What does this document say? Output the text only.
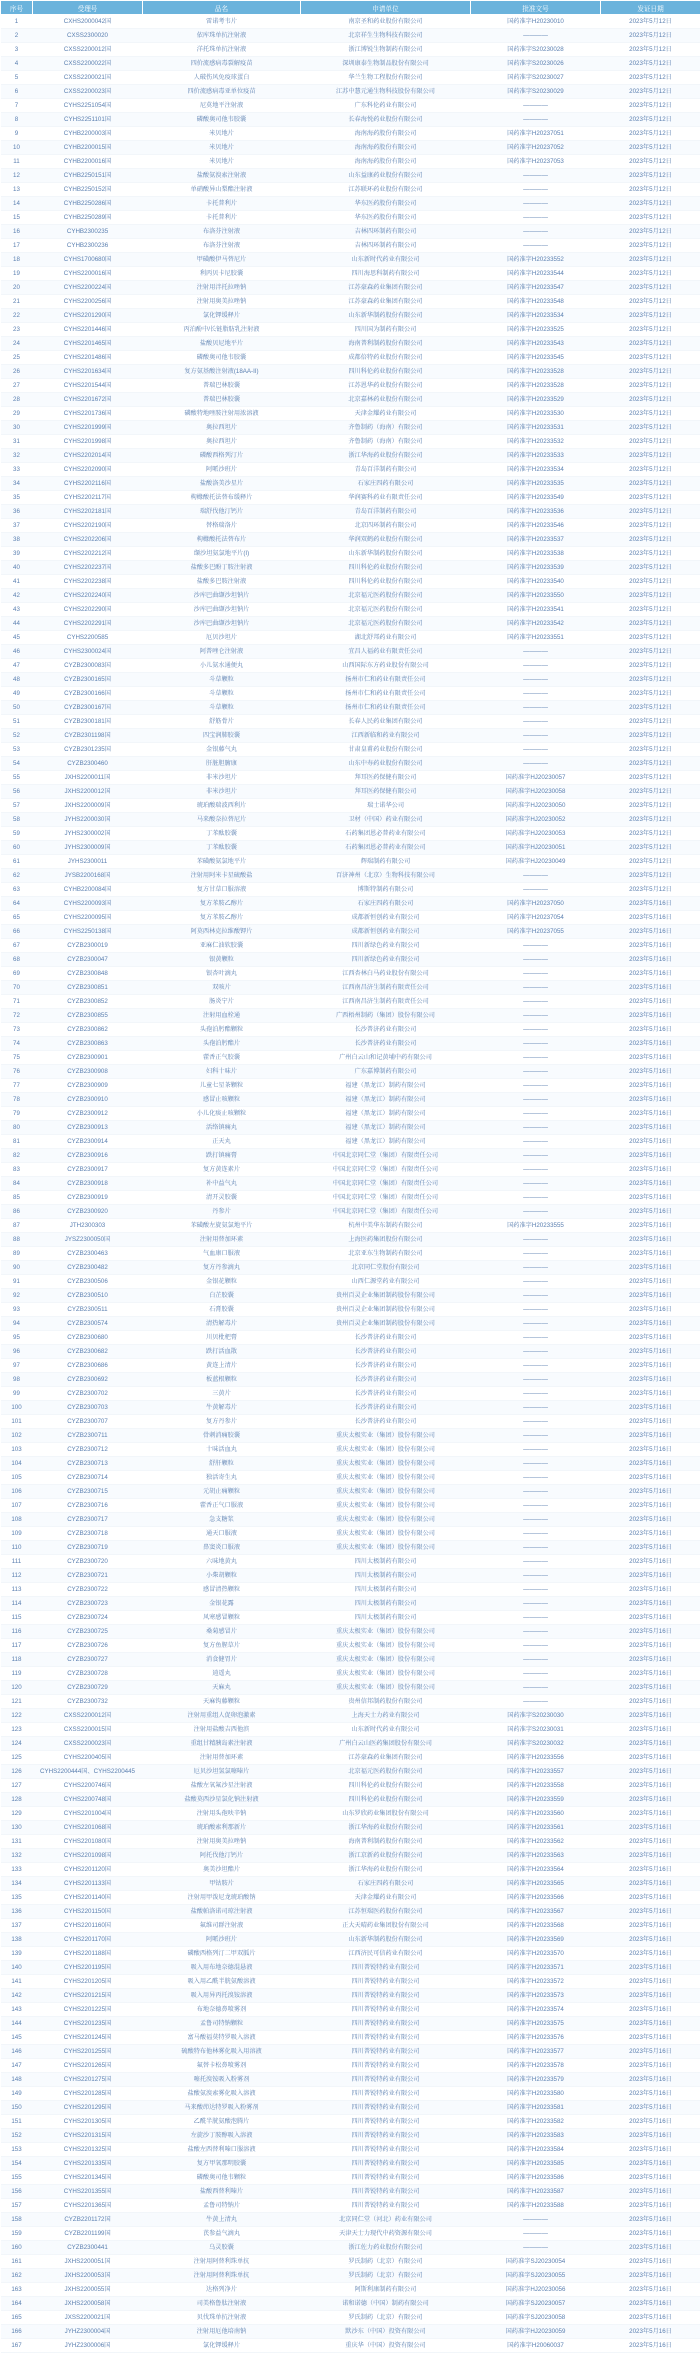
序号	受理号	品名	申请单位	批准文号	发证日期
1	CXHS2000042国	雷诺考韦片	南京圣和药业股份有限公司	国药准字H20230010	2023年5月12日
2	CXSS2300020	依库珠单抗注射液	北京祥生生物科技有限公司	————	2023年5月12日
3	CXSS2200012国	洋托珠单抗注射液	浙江博锐生物制药有限公司	国药准字S20230028	2023年5月12日
4	CXSS2200022国	四价流感病毒裂解疫苗	深圳康泰生物制品股份有限公司	国药准字S20230026	2023年5月12日
5	CXSS2200021国	人破伤风免疫球蛋白	华兰生物工程股份有限公司	国药准字S20230027	2023年5月12日
6	CXSS2200023国	四价流感病毒亚单位疫苗	江苏中慧元通生物科技股份有限公司	国药准字S20230029	2023年5月12日
7	CYHS2251054国	尼莫地平注射液	广东科伦药业有限公司	————	2023年5月12日
8	CYHS2251101国	磷酸奥司他韦胶囊	长春海悦药业股份有限公司	————	2023年5月12日
9	CYHB2200003国	米贝地片	海南海药股份有限公司	国药准字H20237051	2023年5月12日
10	CYHB2200015国	米贝地片	海南海药股份有限公司	国药准字H20237052	2023年5月12日
11	CYHB2200016国	米贝地片	海南海药股份有限公司	国药准字H20237053	2023年5月12日
12	CYHB2250151国	盐酸氨溴索注射液	山东益康药业股份有限公司	————	2023年5月12日
13	CYHB2250152国	单硝酸异山梨酯注射液	江苏联环药业股份有限公司	————	2023年5月12日
14	CYHB2250286国	卡托普利片	华东医药股份有限公司	————	2023年5月12日
15	CYHB2250289国	卡托普利片	华东医药股份有限公司	————	2023年5月12日
16	CYHB2300235	布洛芬注射液	吉林四环制药有限公司	————	2023年5月12日
17	CYHB2300236	布洛芬注射液	吉林四环制药有限公司	————	2023年5月12日
18	CYHS1700680国	甲磺酸伊马替尼片	山东新时代药业有限公司	国药准字H20233552	2023年5月12日
19	CYHS2200016国	利丙贝卡尼胶囊	四川海思科制药有限公司	国药准字H20233544	2023年5月12日
20	CYHS2200224国	注射用泮托拉唑钠	江苏豪森药业集团有限公司	国药准字H20233547	2023年5月12日
21	CYHS2200256国	注射用奥美拉唑钠	江苏豪森药业集团有限公司	国药准字H20233548	2023年5月12日
22	CYHS2201290国	氯化钾缓释片	山东新华制药股份有限公司	国药准字H20233534	2023年5月12日
23	CYHS2201446国	丙泊酚中/长链脂肪乳注射液	四川国为制药有限公司	国药准字H20233525	2023年5月12日
24	CYHS2201465国	盐酸贝尼地平片	海南普利制药股份有限公司	国药准字H20233543	2023年5月12日
25	CYHS2201486国	磷酸奥司他韦胶囊	成都倍特药业股份有限公司	国药准字H20233545	2023年5月12日
26	CYHS2201634国	复方氨基酸注射液(18AA-II)	四川科伦药业股份有限公司	国药准字H20233528	2023年5月12日
27	CYHS2201544国	普瑞巴林胶囊	江苏恩华药业股份有限公司	国药准字H20233528	2023年5月12日
28	CYHS2201672国	普瑞巴林胶囊	北京嘉林药业股份有限公司	国药准字H20233529	2023年5月12日
29	CYHS2201736国	磷酸特地唑胺注射用浓溶液	天津金耀药业有限公司	国药准字H20233530	2023年5月12日
30	CYHS2201999国	奥拉西坦片	齐鲁制药（海南）有限公司	国药准字H20233531	2023年5月12日
31	CYHS2201998国	奥拉西坦片	齐鲁制药（海南）有限公司	国药准字H20233532	2023年5月12日
32	CYHS2202014国	磷酸西格列汀片	浙江华海药业股份有限公司	国药准字H20233533	2023年5月12日
33	CYHS2202090国	阿哌沙班片	青岛百洋制药有限公司	国药准字H20233534	2023年5月12日
34	CYHS2202116国	盐酸洛美沙星片	石家庄四药有限公司	国药准字H20233535	2023年5月12日
35	CYHS2202117国	枸橼酸托法替布缓释片	华润赛科药业有限责任公司	国药准字H20233549	2023年5月12日
36	CYHS2202181国	瑞舒伐他汀钙片	青岛百洋制药有限公司	国药准字H20233536	2023年5月12日
37	CYHS2202190国	替格瑞洛片	北京四环制药有限公司	国药准字H20233546	2023年5月12日
38	CYHS2202206国	枸橼酸托法替布片	华润双鹤药业股份有限公司	国药准字H20233537	2023年5月12日
39	CYHS2202212国	缬沙坦氨氯地平片(I)	山东新华制药股份有限公司	国药准字H20233538	2023年5月12日
40	CYHS2202237国	盐酸多巴酚丁胺注射液	四川科伦药业股份有限公司	国药准字H20233539	2023年5月12日
41	CYHS2202238国	盐酸多巴胺注射液	四川科伦药业股份有限公司	国药准字H20233540	2023年5月12日
42	CYHS2202240国	沙库巴曲缬沙坦钠片	北京福元医药股份有限公司	国药准字H20233550	2023年5月12日
43	CYHS2202290国	沙库巴曲缬沙坦钠片	北京福元医药股份有限公司	国药准字H20233541	2023年5月12日
44	CYHS2202291国	沙库巴曲缬沙坦钠片	北京福元医药股份有限公司	国药准字H20233542	2023年5月12日
45	CYHS2200585	厄贝沙坦片	湖北舒邦药业有限公司	国药准字H20233551	2023年5月12日
46	CYHS2300024国	阿普唑仑注射液	宜昌人福药业有限责任公司	————	2023年5月12日
47	CYZB2300083国	小儿氨水通便丸	山西国际东方药业股份有限公司	————	2023年5月12日
48	CYZB2300165国	斗草颗粒	扬州市仁和药业有限责任公司	————	2023年5月12日
49	CYZB2300166国	斗草颗粒	扬州市仁和药业有限责任公司	————	2023年5月12日
50	CYZB2300167国	斗草颗粒	扬州市仁和药业有限责任公司	————	2023年5月12日
51	CYZB2300181国	舒筋骨片	长春人民药业集团有限公司	————	2023年5月12日
52	CYZB2301198国	四宝润肺胶囊	江西新临和药业有限公司	————	2023年5月12日
53	CYZB2301235国	金银藤气丸	甘肃皇甫药业股份有限公司	————	2023年5月12日
54	CYZB2300460	肝脏胆腑康	山东中寿药业股份有限公司	————	2023年5月12日
55	JXHS2200011国	非米沙坦片	拜耳医药保健有限公司	国药准字HJ20230057	2023年5月12日
56	JXHS2200012国	非米沙坦片	拜耳医药保健有限公司	国药准字HJ20230058	2023年5月12日
57	JXHS2200009国	琥珀酸瑞波西利片	瑞士诺华公司	国药准字HJ20230050	2023年5月12日
58	JYHS2200030国	马来酸奈拉替尼片	卫材（中国）药业有限公司	国药准字HJ20230052	2023年5月12日
59	JYHS2300002国	丁苯酞胶囊	石药集团恩必普药业有限公司	国药准字HJ20230053	2023年5月12日
60	JYHS2300009国	丁苯酞胶囊	石药集团恩必普药业有限公司	国药准字HJ20230051	2023年5月12日
61	JYHS2300011	苯磺酸氨氯地平片	辉瑞制药有限公司	国药准字HJ20230049	2023年5月12日
62	JYSB2200168国	注射用阿米卡星硫酸盐	百济神州（北京）生物科技有限公司	————	2023年5月12日
63	CYHB2200084国	复方甘草口服溶液	博斯特制药有限公司	————	2023年5月12日
64	CYHS2200093国	复方苯胺乙醇片	石家庄四药有限公司	国药准字H20237050	2023年5月16日
65	CYHS2200095国	复方苯胺乙醇片	成都新恒创药业有限公司	国药准字H20237054	2023年5月16日
66	CYHS2250138国	阿莫西林克拉维酸钾片	成都新恒创药业有限公司	国药准字H20237055	2023年5月16日
67	CYZB2300019	亚麻仁油软胶囊	四川新绿色药业有限公司	————	2023年5月16日
68	CYZB2300047	银黄颗粒	四川新绿色药业有限公司	————	2023年5月16日
69	CYZB2300848	银杏叶滴丸	江西杏林白马药业股份有限公司	————	2023年5月16日
70	CYZB2300851	双咳片	江西南昌济生制药有限责任公司	————	2023年5月16日
71	CYZB2300852	肠炎宁片	江西南昌济生制药有限责任公司	————	2023年5月16日
72	CYZB2300855	注射用血栓通	广西梧州制药（集团）股份有限公司	————	2023年5月16日
73	CYZB2300862	头孢泊肟酯颗粒	长沙普济药业有限公司	————	2023年5月16日
74	CYZB2300863	头孢泊肟酯片	长沙普济药业有限公司	————	2023年5月16日
75	CYZB2300901	藿香正气胶囊	广州白云山和记黄埔中药有限公司	————	2023年5月16日
76	CYZB2300908	妇科十味片	广东嘉博制药有限公司	————	2023年5月16日
77	CYZB2300909	儿童七星茶颗粒	福建（黑龙江）制药有限公司	————	2023年5月16日
78	CYZB2300910	感冒止咳颗粒	福建（黑龙江）制药有限公司	————	2023年5月16日
79	CYZB2300912	小儿化痰止咳颗粒	福建（黑龙江）制药有限公司	————	2023年5月16日
80	CYZB2300913	活络镇痛丸	福建（黑龙江）制药有限公司	————	2023年5月16日
81	CYZB2300914	正天丸	福建（黑龙江）制药有限公司	————	2023年5月16日
82	CYZB2300916	跌打镇痛膏	中国北京同仁堂（集团）有限责任公司	————	2023年5月16日
83	CYZB2300917	复方黄连素片	中国北京同仁堂（集团）有限责任公司	————	2023年5月16日
84	CYZB2300918	补中益气丸	中国北京同仁堂（集团）有限责任公司	————	2023年5月16日
85	CYZB2300919	清开灵胶囊	中国北京同仁堂（集团）有限责任公司	————	2023年5月16日
86	CYZB2300920	丹参片	中国北京同仁堂（集团）有限责任公司	————	2023年5月16日
87	JTH2300303	苯磺酸左旋氨氯地平片	杭州中美华东制药有限公司	国药准字H20233555	2023年5月16日
88	JYSZ2300050国	注射用替加环素	上海医药集团股份有限公司	————	2023年5月16日
89	CYZB2300463	气血康口服液	北京亚东生物制药有限公司	————	2023年5月16日
90	CYZB2300482	复方丹参滴丸	北京同仁堂股份有限公司	————	2023年5月16日
91	CYZB2300506	金银花颗粒	山西仁源堂药业有限公司	————	2023年5月16日
92	CYZB2300510	白芷胶囊	贵州百灵企业集团制药股份有限公司	————	2023年5月16日
93	CYZB2300511	石膏胶囊	贵州百灵企业集团制药股份有限公司	————	2023年5月16日
94	CYZB2300574	清热解毒片	贵州百灵企业集团制药股份有限公司	————	2023年5月16日
95	CYZB2300680	川贝枇杷膏	长沙普济药业有限公司	————	2023年5月16日
96	CYZB2300682	跌打活血散	长沙普济药业有限公司	————	2023年5月16日
97	CYZB2300686	黄连上清片	长沙普济药业有限公司	————	2023年5月16日
98	CYZB2300692	板蓝根颗粒	长沙普济药业有限公司	————	2023年5月16日
99	CYZB2300702	三黄片	长沙普济药业有限公司	————	2023年5月16日
100	CYZB2300703	牛黄解毒片	长沙普济药业有限公司	————	2023年5月16日
101	CYZB2300707	复方丹参片	长沙普济药业有限公司	————	2023年5月16日
102	CYZB2300711	骨刺消痛胶囊	重庆太极实业（集团）股份有限公司	————	2023年5月16日
103	CYZB2300712	十味活血丸	重庆太极实业（集团）股份有限公司	————	2023年5月16日
104	CYZB2300713	舒肝颗粒	重庆太极实业（集团）股份有限公司	————	2023年5月16日
105	CYZB2300714	独活寄生丸	重庆太极实业（集团）股份有限公司	————	2023年5月16日
106	CYZB2300715	元胡止痛颗粒	重庆太极实业（集团）股份有限公司	————	2023年5月16日
107	CYZB2300716	藿香正气口服液	重庆太极实业（集团）股份有限公司	————	2023年5月16日
108	CYZB2300717	急支糖浆	重庆太极实业（集团）股份有限公司	————	2023年5月16日
109	CYZB2300718	通天口服液	重庆太极实业（集团）股份有限公司	————	2023年5月16日
110	CYZB2300719	鼻窦炎口服液	重庆太极实业（集团）股份有限公司	————	2023年5月16日
111	CYZB2300720	六味地黄丸	四川太极制药有限公司	————	2023年5月16日
112	CYZB2300721	小柴胡颗粒	四川太极制药有限公司	————	2023年5月16日
113	CYZB2300722	感冒清热颗粒	四川太极制药有限公司	————	2023年5月16日
114	CYZB2300723	金银花露	四川太极制药有限公司	————	2023年5月16日
115	CYZB2300724	风寒感冒颗粒	四川太极制药有限公司	————	2023年5月16日
116	CYZB2300725	桑菊感冒片	重庆太极实业（集团）股份有限公司	————	2023年5月16日
117	CYZB2300726	复方鱼腥草片	重庆太极实业（集团）股份有限公司	————	2023年5月16日
118	CYZB2300727	消食健胃片	重庆太极实业（集团）股份有限公司	————	2023年5月16日
119	CYZB2300728	逍遥丸	重庆太极实业（集团）股份有限公司	————	2023年5月16日
120	CYZB2300729	天麻丸	重庆太极实业（集团）股份有限公司	————	2023年5月16日
121	CYZB2300732	天麻钩藤颗粒	贵州信邦制药股份有限公司	————	2023年5月16日
122	CXSS2200012国	注射用重组人促卵泡激素	上海天士力药业有限公司	国药准字S20230030	2023年5月16日
123	CXSS2200015国	注射用盐酸吉西他滨	山东新时代药业有限公司	国药准字S20230031	2023年5月16日
124	CXSS2200023国	重组甘精胰岛素注射液	广州白云山医药集团股份有限公司	国药准字S20230032	2023年5月16日
125	CYHS2200405国	注射用替加环素	江苏豪森药业集团有限公司	国药准字H20233556	2023年5月16日
126	CYHS2200444国、CYHS2200445	厄贝沙坦氢氯噻嗪片	北京福元医药股份有限公司	国药准字H20233557	2023年5月16日
127	CYHS2200746国	盐酸左氧氟沙星注射液	四川科伦药业股份有限公司	国药准字H20233558	2023年5月16日
128	CYHS2200748国	盐酸莫西沙星氯化钠注射液	四川科伦药业股份有限公司	国药准字H20233559	2023年5月16日
129	CYHS2201004国	注射用头孢呋辛钠	山东罗欣药业集团股份有限公司	国药准字H20233560	2023年5月16日
130	CYHS2201068国	琥珀酸索利那新片	浙江华海药业股份有限公司	国药准字H20233561	2023年5月16日
131	CYHS2201080国	注射用奥美拉唑钠	海南普利制药股份有限公司	国药准字H20233562	2023年5月16日
132	CYHS2201098国	阿托伐他汀钙片	浙江京新药业股份有限公司	国药准字H20233563	2023年5月16日
133	CYHS2201120国	奥美沙坦酯片	浙江华海药业股份有限公司	国药准字H20233564	2023年5月16日
134	CYHS2201133国	甲钴胺片	石家庄四药有限公司	国药准字H20233565	2023年5月16日
135	CYHS2201140国	注射用甲泼尼龙琥珀酸钠	天津金耀药业有限公司	国药准字H20233566	2023年5月16日
136	CYHS2201150国	盐酸帕洛诺司琼注射液	江苏恒瑞医药股份有限公司	国药准字H20233567	2023年5月16日
137	CYHS2201160国	氟维司群注射液	正大天晴药业集团股份有限公司	国药准字H20233568	2023年5月16日
138	CYHS2201170国	阿哌沙班片	山东新华制药股份有限公司	国药准字H20233569	2023年5月16日
139	CYHS2201188国	磷酸西格列汀二甲双胍片	江西济民可信药业有限公司	国药准字H20233570	2023年5月16日
140	CYHS2201195国	吸入用布地奈德混悬液	四川普锐特药业有限公司	国药准字H20233571	2023年5月16日
141	CYHS2201205国	吸入用乙酰半胱氨酸溶液	四川普锐特药业有限公司	国药准字H20233572	2023年5月16日
142	CYHS2201215国	吸入用异丙托溴铵溶液	四川普锐特药业有限公司	国药准字H20233573	2023年5月16日
143	CYHS2201225国	布地奈德鼻喷雾剂	四川普锐特药业有限公司	国药准字H20233574	2023年5月16日
144	CYHS2201235国	孟鲁司特钠颗粒	四川普锐特药业有限公司	国药准字H20233575	2023年5月16日
145	CYHS2201245国	富马酸福莫特罗吸入溶液	四川普锐特药业有限公司	国药准字H20233576	2023年5月16日
146	CYHS2201255国	硫酸特布他林雾化吸入用溶液	四川普锐特药业有限公司	国药准字H20233577	2023年5月16日
147	CYHS2201265国	氟替卡松鼻喷雾剂	四川普锐特药业有限公司	国药准字H20233578	2023年5月16日
148	CYHS2201275国	噻托溴铵吸入粉雾剂	四川普锐特药业有限公司	国药准字H20233579	2023年5月16日
149	CYHS2201285国	盐酸氨溴索雾化吸入溶液	四川普锐特药业有限公司	国药准字H20233580	2023年5月16日
150	CYHS2201295国	马来酸茚达特罗吸入粉雾剂	四川普锐特药业有限公司	国药准字H20233581	2023年5月16日
151	CYHS2201305国	乙酰半胱氨酸泡腾片	四川普锐特药业有限公司	国药准字H20233582	2023年5月16日
152	CYHS2201315国	左旋沙丁胺醇吸入溶液	四川普锐特药业有限公司	国药准字H20233583	2023年5月16日
153	CYHS2201325国	盐酸左西替利嗪口服溶液	四川普锐特药业有限公司	国药准字H20233584	2023年5月16日
154	CYHS2201335国	复方甲氧那明胶囊	四川普锐特药业有限公司	国药准字H20233585	2023年5月16日
155	CYHS2201345国	磷酸奥司他韦颗粒	四川普锐特药业有限公司	国药准字H20233586	2023年5月16日
156	CYHS2201355国	盐酸西替利嗪片	四川普锐特药业有限公司	国药准字H20233587	2023年5月16日
157	CYHS2201365国	孟鲁司特钠片	四川普锐特药业有限公司	国药准字H20233588	2023年5月16日
158	CYZB2201172国	牛黄上清丸	北京同仁堂（河北）药业有限公司	————	2023年5月16日
159	CYZB2201199国	芪参益气滴丸	天津天士力现代中药资源有限公司	————	2023年5月16日
160	CYZB2300441	乌灵胶囊	浙江佐力药业股份有限公司	————	2023年5月16日
161	JXHS2200051国	注射用阿替利珠单抗	罗氏制药（北京）有限公司	国药准字SJ20230054	2023年5月16日
162	JXHS2200053国	注射用阿替利珠单抗	罗氏制药（北京）有限公司	国药准字SJ20230055	2023年5月16日
163	JXHS2200055国	达格列净片	阿斯利康制药有限公司	国药准字HJ20230056	2023年5月16日
164	JXHS2200058国	司美格鲁肽注射液	诺和诺德（中国）制药有限公司	国药准字SJ20230057	2023年5月16日
165	JXSS2200021国	贝伐珠单抗注射液	罗氏制药（北京）有限公司	国药准字SJ20230058	2023年5月16日
166	JYHZ2300004国	注射用厄他培南钠	默沙东（中国）投资有限公司	国药准字HJ20230059	2023年5月16日
167	JYHZ2300006国	氯化钾缓释片	重庆华（中国）投资有限公司	国药准字H20060037	2023年5月16日
